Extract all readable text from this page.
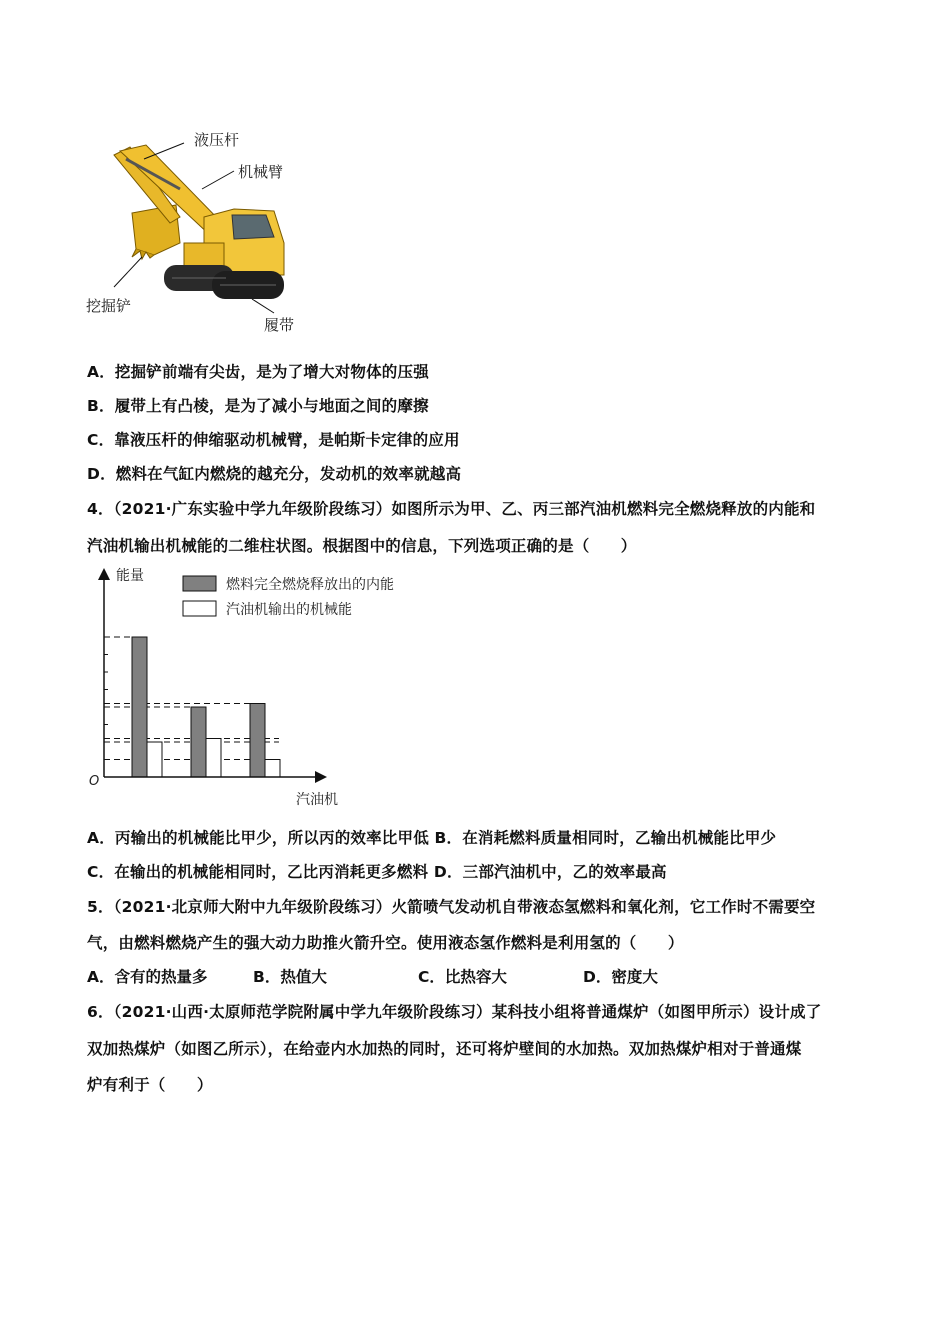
液压杆
机械臂
挖掘铲
履带
A．挖掘铲前端有尖齿，是为了增大对物体的压强
B．履带上有凸棱，是为了减小与地面之间的摩擦
C．靠液压杆的伸缩驱动机械臂，是帕斯卡定律的应用
D．燃料在气缸内燃烧的越充分，发动机的效率就越高
4．（2021·广东实验中学九年级阶段练习）如图所示为甲、乙、丙三部汽油机燃料完全燃烧释放的内能和
汽油机输出机械能的二维柱状图。根据图中的信息，下列选项正确的是（　　）
能量
汽油机
O
燃料完全燃烧释放出的内能
汽油机输出的机械能
A．丙输出的机械能比甲少，所以丙的效率比甲低 B．在消耗燃料质量相同时，乙输出机械能比甲少
C．在输出的机械能相同时，乙比丙消耗更多燃料 D．三部汽油机中，乙的效率最高
5．（2021·北京师大附中九年级阶段练习）火箭喷气发动机自带液态氢燃料和氧化剂，它工作时不需要空
气，由燃料燃烧产生的强大动力助推火箭升空。使用液态氢作燃料是利用氢的（　　）
A．含有的热量多	B．热值大	C．比热容大	D．密度大
6．（2021·山西·太原师范学院附属中学九年级阶段练习）某科技小组将普通煤炉（如图甲所示）设计成了
双加热煤炉（如图乙所示），在给壶内水加热的同时，还可将炉壁间的水加热。双加热煤炉相对于普通煤
炉有利于（　　）
